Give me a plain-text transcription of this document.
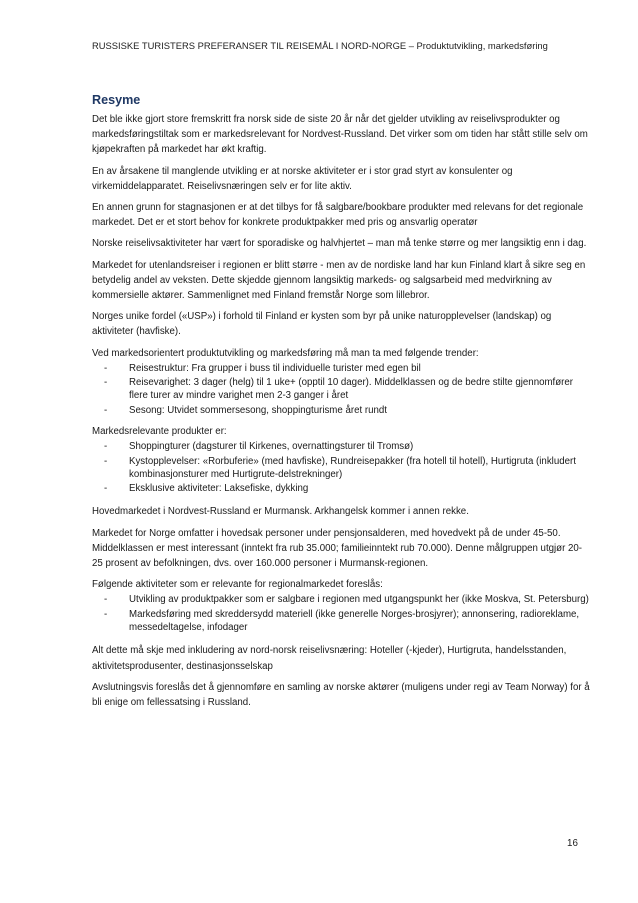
RUSSISKE TURISTERS PREFERANSER TIL REISEMÅL I NORD-NORGE – Produktutvikling, markedsføring
Resyme

Det ble ikke gjort store fremskritt fra norsk side de siste 20 år når det gjelder utvikling av reiselivsprodukter og markedsføringstiltak som er markedsrelevant for Nordvest-Russland. Det virker som om tiden har stått stille selv om kjøpekraften på markedet har økt kraftig.

En av årsakene til manglende utvikling er at norske aktiviteter er i stor grad styrt av konsulenter og virkemiddelapparatet. Reiselivsnæringen selv er for lite aktiv.

En annen grunn for stagnasjonen er at det tilbys for få salgbare/bookbare produkter med relevans for det regionale markedet. Det er et stort behov for konkrete produktpakker med pris og ansvarlig operatør

Norske reiselivsaktiviteter har vært for sporadiske og halvhjertet – man må tenke større og mer langsiktig enn i dag.

Markedet for utenlandsreiser i regionen er blitt større - men av de nordiske land har kun Finland klart å sikre seg en betydelig andel av veksten. Dette skjedde gjennom langsiktig markeds- og salgsarbeid med medvirkning av kommersielle aktører. Sammenlignet med Finland fremstår Norge som lillebror.

Norges unike fordel («USP») i forhold til Finland er kysten som byr på unike naturopplevelser (landskap) og aktiviteter (havfiske).

Ved markedsorientert produktutvikling og markedsføring må man ta med følgende trender:

-	Reisestruktur: Fra grupper i buss til individuelle turister med egen bil
-	Reisevarighet: 3 dager (helg) til 1 uke+ (opptil 10 dager). Middelklassen og de bedre stilte gjennomfører flere turer av mindre varighet men 2-3 ganger i året
-	Sesong: Utvidet sommersesong, shoppingturisme året rundt

Markedsrelevante produkter er:

-	Shoppingturer (dagsturer til Kirkenes, overnattingsturer til Tromsø)
-	Kystopplevelser: «Rorbuferie» (med havfiske), Rundreisepakker (fra hotell til hotell), Hurtigruta (inkludert kombinasjonsturer med Hurtigrute-delstrekninger)
-	Eksklusive aktiviteter: Laksefiske, dykking

Hovedmarkedet i Nordvest-Russland er Murmansk. Arkhangelsk kommer i annen rekke.

Markedet for Norge omfatter i hovedsak personer under pensjonsalderen, med hovedvekt på de under 45-50. Middelklassen er mest interessant (inntekt fra rub 35.000; familieinntekt rub 70.000). Denne målgruppen utgjør 20-25 prosent av befolkningen, dvs. over 160.000 personer i Murmansk-regionen.

Følgende aktiviteter som er relevante for regionalmarkedet foreslås:

-	Utvikling av produktpakker som er salgbare i regionen med utgangspunkt her (ikke Moskva, St. Petersburg)
-	Markedsføring med skreddersydd materiell (ikke generelle Norges-brosjyrer); annonsering, radioreklame, messedeltagelse, infodager

Alt dette må skje med inkludering av nord-norsk reiselivsnæring: Hoteller (-kjeder), Hurtigruta, handelsstanden, aktivitetsprodusenter, destinasjonsselskap

Avslutningsvis foreslås det å gjennomføre en samling av norske aktører (muligens under regi av Team Norway) for å bli enige om fellessatsing i Russland.

16
